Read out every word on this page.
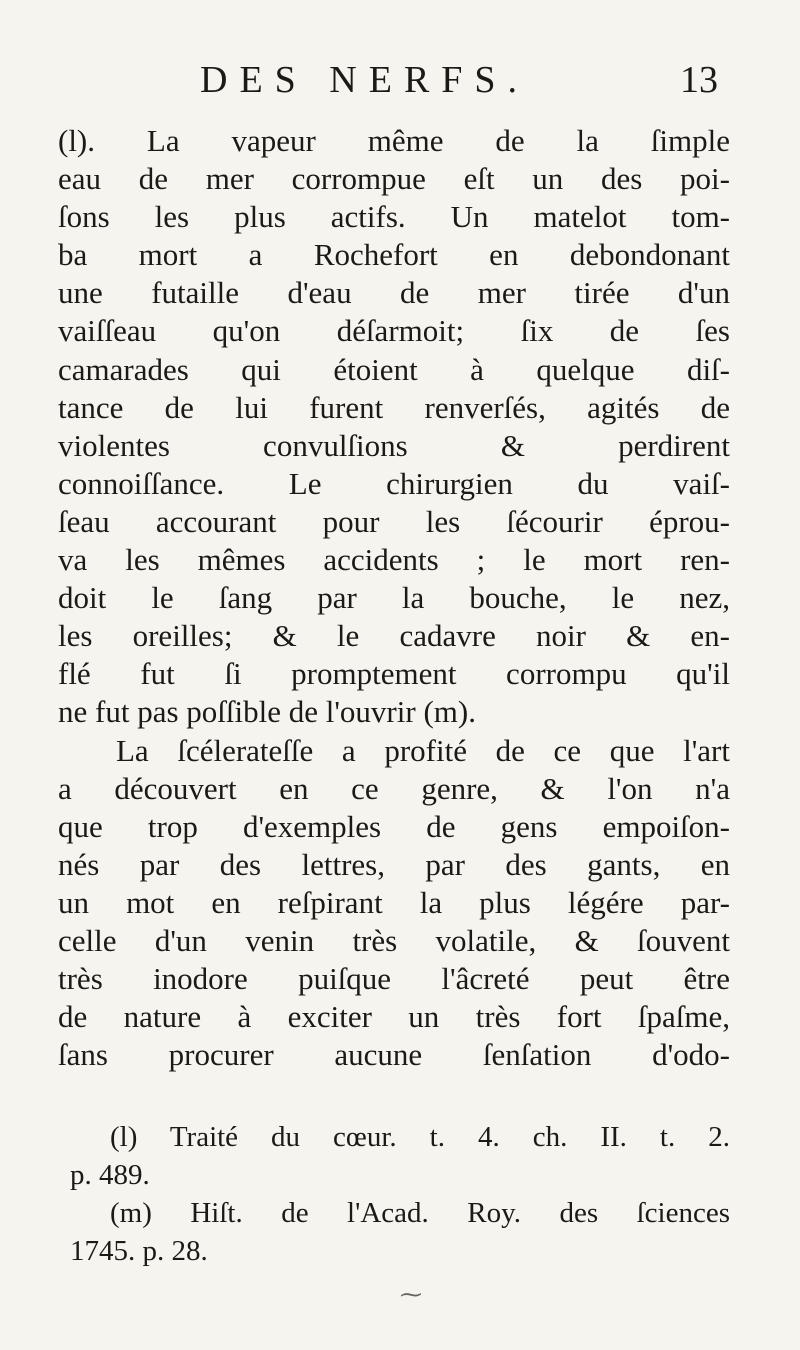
DES NERFS.	13
(l). La vapeur même de la ſimple
eau de mer corrompue eſt un des poi-
ſons les plus actifs. Un matelot tom-
ba mort a Rochefort en debondonant
une futaille d'eau de mer tirée d'un
vaiſſeau qu'on déſarmoit; ſix de ſes
camarades qui étoient à quelque diſ-
tance de lui furent renverſés, agités de
violentes convulſions & perdirent
connoiſſance. Le chirurgien du vaiſ-
ſeau accourant pour les ſécourir éprou-
va les mêmes accidents ; le mort ren-
doit le ſang par la bouche, le nez,
les oreilles; & le cadavre noir & en-
flé fut ſi promptement corrompu qu'il
ne fut pas poſſible de l'ouvrir (m).
La ſcélerateſſe a profité de ce que l'art
a découvert en ce genre, & l'on n'a
que trop d'exemples de gens empoiſon-
nés par des lettres, par des gants, en
un mot en reſpirant la plus légére par-
celle d'un venin très volatile, & ſouvent
très inodore puiſque l'âcreté peut être
de nature à exciter un très fort ſpaſme,
ſans procurer aucune ſenſation d'odo-
(l) Traité du cœur. t. 4. ch. II. t. 2.
p. 489.
(m) Hiſt. de l'Acad. Roy. des ſciences
1745. p. 28.
⁓
